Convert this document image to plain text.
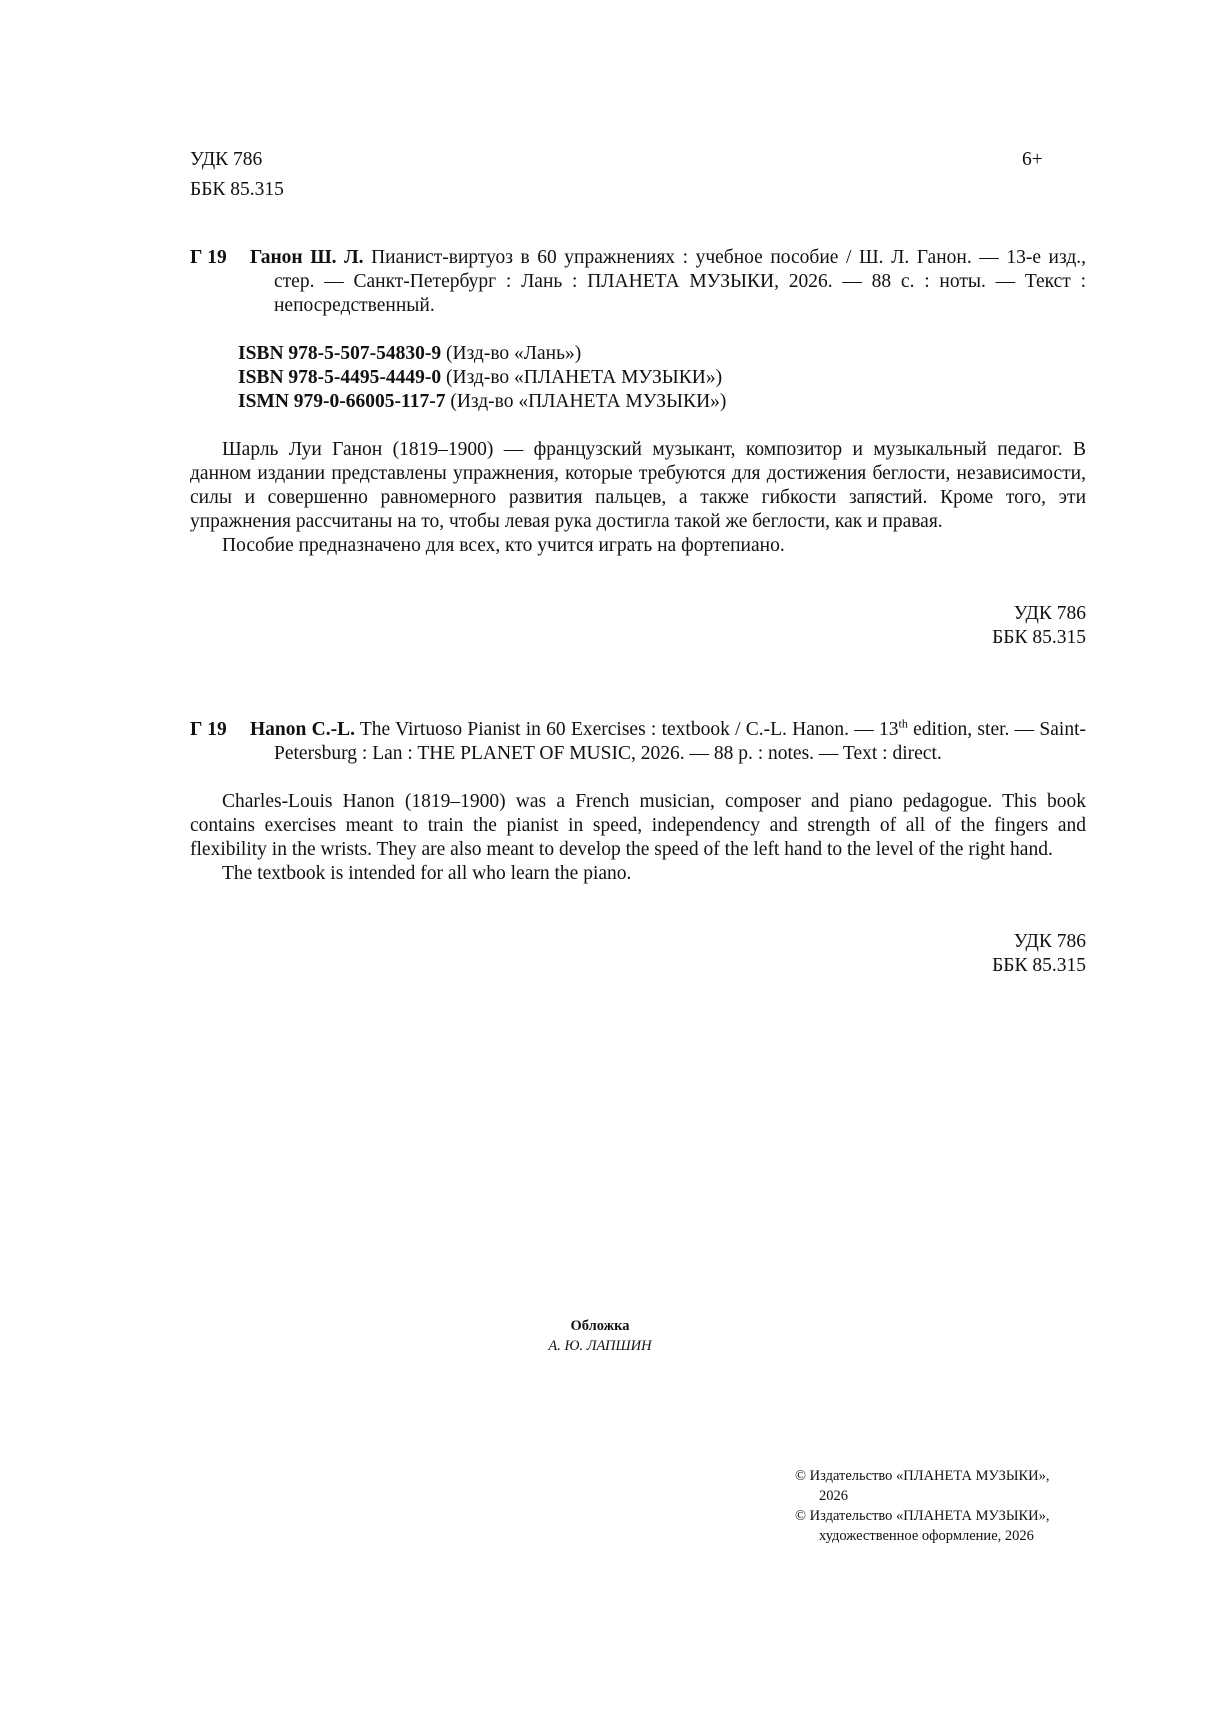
УДК 786
ББК 85.315
6+
Г 19	Ганон Ш. Л. Пианист-виртуоз в 60 упражнениях : учебное пособие / Ш. Л. Ганон. — 13-е изд., стер. — Санкт-Петербург : Лань : ПЛАНЕТА МУЗЫКИ, 2026. — 88 с. : ноты. — Текст : непосредственный.
ISBN 978-5-507-54830-9 (Изд-во «Лань»)
ISBN 978-5-4495-4449-0 (Изд-во «ПЛАНЕТА МУЗЫКИ»)
ISMN 979-0-66005-117-7 (Изд-во «ПЛАНЕТА МУЗЫКИ»)
Шарль Луи Ганон (1819–1900) — французский музыкант, композитор и музыкальный педагог. В данном издании представлены упражнения, которые требуются для достижения беглости, независимости, силы и совершенно равномерного развития пальцев, а также гибкости запястий. Кроме того, эти упражнения рассчитаны на то, чтобы левая рука достигла такой же беглости, как и правая.
Пособие предназначено для всех, кто учится играть на фортепиано.
УДК 786
ББК 85.315
Г 19	Hanon C.-L. The Virtuoso Pianist in 60 Exercises : textbook / C.-L. Hanon. — 13th edition, ster. — Saint-Petersburg : Lan : THE PLANET OF MUSIC, 2026. — 88 p. : notes. — Text : direct.
Charles-Louis Hanon (1819–1900) was a French musician, composer and piano pedagogue. This book contains exercises meant to train the pianist in speed, independency and strength of all of the fingers and flexibility in the wrists. They are also meant to develop the speed of the left hand to the level of the right hand.
The textbook is intended for all who learn the piano.
УДК 786
ББК 85.315
Обложка
А. Ю. ЛАПШИН
© Издательство «ПЛАНЕТА МУЗЫКИ»,
2026
© Издательство «ПЛАНЕТА МУЗЫКИ»,
художественное оформление, 2026
